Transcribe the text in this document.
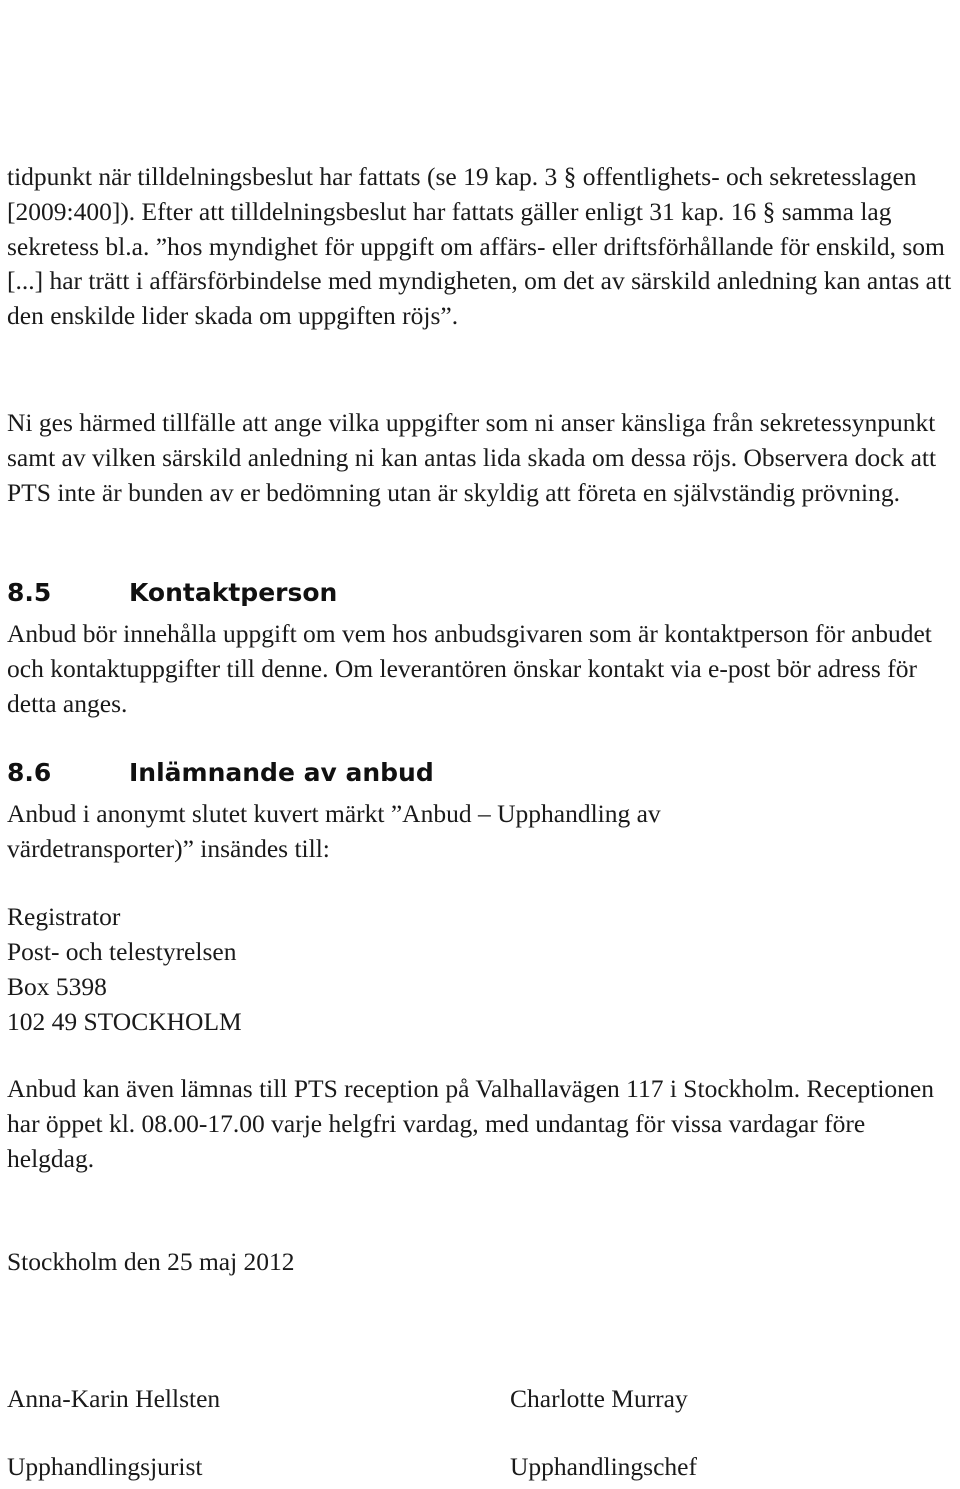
tidpunkt när tilldelningsbeslut har fattats (se 19 kap. 3 § offentlighets- och sekretesslagen [2009:400]). Efter att tilldelningsbeslut har fattats gäller enligt 31 kap. 16 § samma lag sekretess bl.a. ”hos myndighet för uppgift om affärs- eller driftsförhållande för enskild, som [...] har trätt i affärsförbindelse med myndigheten, om det av särskild anledning kan antas att den enskilde lider skada om uppgiften röjs”.

Ni ges härmed tillfälle att ange vilka uppgifter som ni anser känsliga från sekretessynpunkt samt av vilken särskild anledning ni kan antas lida skada om dessa röjs. Observera dock att PTS inte är bunden av er bedömning utan är skyldig att företa en självständig prövning.

8.5	Kontaktperson

Anbud bör innehålla uppgift om vem hos anbudsgivaren som är kontaktperson för anbudet och kontaktuppgifter till denne. Om leverantören önskar kontakt via e-post bör adress för detta anges.

8.6	Inlämnande av anbud

Anbud i anonymt slutet kuvert märkt ”Anbud – Upphandling av värdetransporter)” insändes till:

Registrator
Post- och telestyrelsen
Box 5398
102 49 STOCKHOLM

Anbud kan även lämnas till PTS reception på Valhallavägen 117 i Stockholm. Receptionen har öppet kl. 08.00-17.00 varje helgfri vardag, med undantag för vissa vardagar före helgdag.

Stockholm den 25 maj 2012

Anna-Karin Hellsten	Charlotte Murray

Upphandlingsjurist	Upphandlingschef
